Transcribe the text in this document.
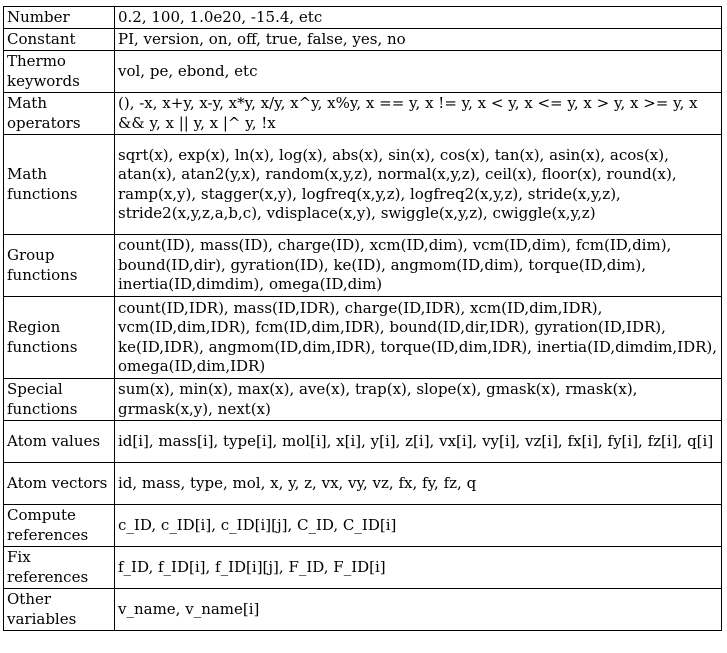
Number	0.2, 100, 1.0e20, -15.4, etc
Constant	PI, version, on, off, true, false, yes, no
Thermo keywords	vol, pe, ebond, etc
Math operators	(), -x, x+y, x-y, x*y, x/y, x^y, x%y, x == y, x != y, x < y, x <= y, x > y, x >= y, x && y, x || y, x |^ y, !x
Math functions	sqrt(x), exp(x), ln(x), log(x), abs(x), sin(x), cos(x), tan(x), asin(x), acos(x), atan(x), atan2(y,x), random(x,y,z), normal(x,y,z), ceil(x), floor(x), round(x), ramp(x,y), stagger(x,y), logfreq(x,y,z), logfreq2(x,y,z), stride(x,y,z), stride2(x,y,z,a,b,c), vdisplace(x,y), swiggle(x,y,z), cwiggle(x,y,z)
Group functions	count(ID), mass(ID), charge(ID), xcm(ID,dim), vcm(ID,dim), fcm(ID,dim), bound(ID,dir), gyration(ID), ke(ID), angmom(ID,dim), torque(ID,dim), inertia(ID,dimdim), omega(ID,dim)
Region functions	count(ID,IDR), mass(ID,IDR), charge(ID,IDR), xcm(ID,dim,IDR), vcm(ID,dim,IDR), fcm(ID,dim,IDR), bound(ID,dir,IDR), gyration(ID,IDR), ke(ID,IDR), angmom(ID,dim,IDR), torque(ID,dim,IDR), inertia(ID,dimdim,IDR), omega(ID,dim,IDR)
Special functions	sum(x), min(x), max(x), ave(x), trap(x), slope(x), gmask(x), rmask(x), grmask(x,y), next(x)
Atom values	id[i], mass[i], type[i], mol[i], x[i], y[i], z[i], vx[i], vy[i], vz[i], fx[i], fy[i], fz[i], q[i]
Atom vectors	id, mass, type, mol, x, y, z, vx, vy, vz, fx, fy, fz, q
Compute references	c_ID, c_ID[i], c_ID[i][j], C_ID, C_ID[i]
Fix references	f_ID, f_ID[i], f_ID[i][j], F_ID, F_ID[i]
Other variables	v_name, v_name[i]
